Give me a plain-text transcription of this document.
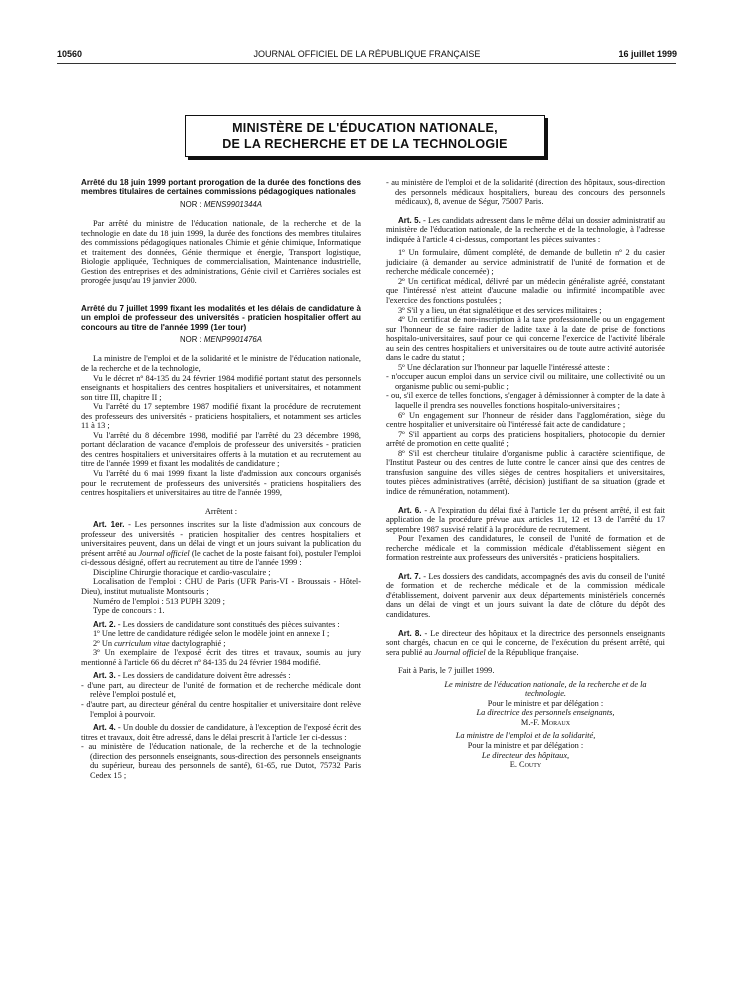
10560	JOURNAL OFFICIEL DE LA RÉPUBLIQUE FRANÇAISE	16 juillet 1999
MINISTÈRE DE L'ÉDUCATION NATIONALE,
DE LA RECHERCHE ET DE LA TECHNOLOGIE

Arrêté du 18 juin 1999 portant prorogation de la durée des fonctions des membres titulaires de certaines commissions pédagogiques nationales

NOR : MENS9901344A

Par arrêté du ministre de l'éducation nationale, de la recherche et de la technologie en date du 18 juin 1999, la durée des fonctions des membres titulaires des commissions pédagogiques nationales Chimie et génie chimique, Informatique et traitement des données, Génie thermique et énergie, Transport logistique, Biologie appliquée, Techniques de commercialisation, Maintenance industrielle, Gestion des entreprises et des administrations, Génie civil et Carrières sociales est prorogée jusqu'au 19 janvier 2000.

Arrêté du 7 juillet 1999 fixant les modalités et les délais de candidature à un emploi de professeur des universités - praticien hospitalier offert au concours au titre de l'année 1999 (1er tour)

NOR : MENP9901476A

La ministre de l'emploi et de la solidarité et le ministre de l'éducation nationale, de la recherche et de la technologie,

Vu le décret nº 84-135 du 24 février 1984 modifié portant statut des personnels enseignants et hospitaliers des centres hospitaliers et universitaires, et notamment son titre III, chapitre II ;

Vu l'arrêté du 17 septembre 1987 modifié fixant la procédure de recrutement des professeurs des universités - praticiens hospitaliers, et notamment ses articles 11 à 13 ;

Vu l'arrêté du 8 décembre 1998, modifié par l'arrêté du 23 décembre 1998, portant déclaration de vacance d'emplois de professeur des universités - praticien des centres hospitaliers et universitaires offerts à la mutation et au recrutement au titre de l'année 1999 et fixant les modalités de candidature ;

Vu l'arrêté du 6 mai 1999 fixant la liste d'admission aux concours organisés pour le recrutement de professeurs des universités - praticiens hospitaliers des centres hospitaliers et universitaires au titre de l'année 1999,

Arrêtent :

Art. 1er. - Les personnes inscrites sur la liste d'admission aux concours de professeur des universités - praticien hospitalier des centres hospitaliers et universitaires peuvent, dans un délai de vingt et un jours suivant la publication du présent arrêté au Journal officiel (le cachet de la poste faisant foi), postuler l'emploi ci-dessous désigné, offert au recrutement au titre de l'année 1999 :

Discipline Chirurgie thoracique et cardio-vasculaire ;

Localisation de l'emploi : CHU de Paris (UFR Paris-VI - Broussais - Hôtel-Dieu), institut mutualiste Montsouris ;

Numéro de l'emploi : 513 PUPH 3209 ;

Type de concours : 1.

Art. 2. - Les dossiers de candidature sont constitués des pièces suivantes :

1º Une lettre de candidature rédigée selon le modèle joint en annexe I ;

2º Un curriculum vitae dactylographié ;

3º Un exemplaire de l'exposé écrit des titres et travaux, soumis au jury mentionné à l'article 66 du décret nº 84-135 du 24 février 1984 modifié.

Art. 3. - Les dossiers de candidature doivent être adressés :

- d'une part, au directeur de l'unité de formation et de recherche médicale dont relève l'emploi postulé et,

- d'autre part, au directeur général du centre hospitalier et universitaire dont relève l'emploi à pourvoir.

Art. 4. - Un double du dossier de candidature, à l'exception de l'exposé écrit des titres et travaux, doit être adressé, dans le délai prescrit à l'article 1er ci-dessus :

- au ministère de l'éducation nationale, de la recherche et de la technologie (direction des personnels enseignants, sous-direction des personnels enseignants du supérieur, bureau des personnels de santé), 61-65, rue Dutot, 75732 Paris Cedex 15 ;

- au ministère de l'emploi et de la solidarité (direction des hôpitaux, sous-direction des personnels médicaux hospitaliers, bureau des concours des personnels médicaux), 8, avenue de Ségur, 75007 Paris.

Art. 5. - Les candidats adressent dans le même délai un dossier administratif au ministère de l'éducation nationale, de la recherche et de la technologie, à l'adresse indiquée à l'article 4 ci-dessus, comportant les pièces suivantes :

1º Un formulaire, dûment complété, de demande de bulletin nº 2 du casier judiciaire (à demander au service administratif de l'unité de formation et de recherche médicale concernée) ;

2º Un certificat médical, délivré par un médecin généraliste agréé, constatant que l'intéressé n'est atteint d'aucune maladie ou infirmité incompatible avec l'exercice des fonctions postulées ;

3º S'il y a lieu, un état signalétique et des services militaires ;

4º Un certificat de non-inscription à la taxe professionnelle ou un engagement sur l'honneur de se faire radier de ladite taxe à la date de prise de fonctions hospitalo-universitaires, sauf pour ce qui concerne l'exercice de l'activité libérale au sein des centres hospitaliers et universitaires ou de toute autre activité autorisée dans le cadre du statut ;

5º Une déclaration sur l'honneur par laquelle l'intéressé atteste :

- n'occuper aucun emploi dans un service civil ou militaire, une collectivité ou un organisme public ou semi-public ;

- ou, s'il exerce de telles fonctions, s'engager à démissionner à compter de la date à laquelle il prendra ses nouvelles fonctions hospitalo-universitaires ;

6º Un engagement sur l'honneur de résider dans l'agglomération, siège du centre hospitalier et universitaire où l'intéressé fait acte de candidature ;

7º S'il appartient au corps des praticiens hospitaliers, photocopie du dernier arrêté de promotion en cette qualité ;

8º S'il est chercheur titulaire d'organisme public à caractère scientifique, de l'Institut Pasteur ou des centres de lutte contre le cancer ainsi que des centres de transfusion sanguine des villes sièges de centres hospitaliers et universitaires, toutes pièces administratives (arrêté, décision) justifiant de sa situation (grade et indice de rémunération, notamment).

Art. 6. - A l'expiration du délai fixé à l'article 1er du présent arrêté, il est fait application de la procédure prévue aux articles 11, 12 et 13 de l'arrêté du 17 septembre 1987 susvisé relatif à la procédure de recrutement.

Pour l'examen des candidatures, le conseil de l'unité de formation et de recherche médicale et la commission médicale d'établissement siègent en formation restreinte aux professeurs des universités - praticiens hospitaliers.

Art. 7. - Les dossiers des candidats, accompagnés des avis du conseil de l'unité de formation et de recherche médicale et de la commission médicale d'établissement, doivent parvenir aux deux départements ministériels concernés dans un délai de vingt et un jours suivant la date de clôture du dépôt des candidatures.

Art. 8. - Le directeur des hôpitaux et la directrice des personnels enseignants sont chargés, chacun en ce qui le concerne, de l'exécution du présent arrêté, qui sera publié au Journal officiel de la République française.

Fait à Paris, le 7 juillet 1999.

Le ministre de l'éducation nationale, de la recherche et de la technologie.

Pour le ministre et par délégation :

La directrice des personnels enseignants,

M.-F. Moraux

La ministre de l'emploi et de la solidarité,

Pour la ministre et par délégation :

Le directeur des hôpitaux,

E. Couty
